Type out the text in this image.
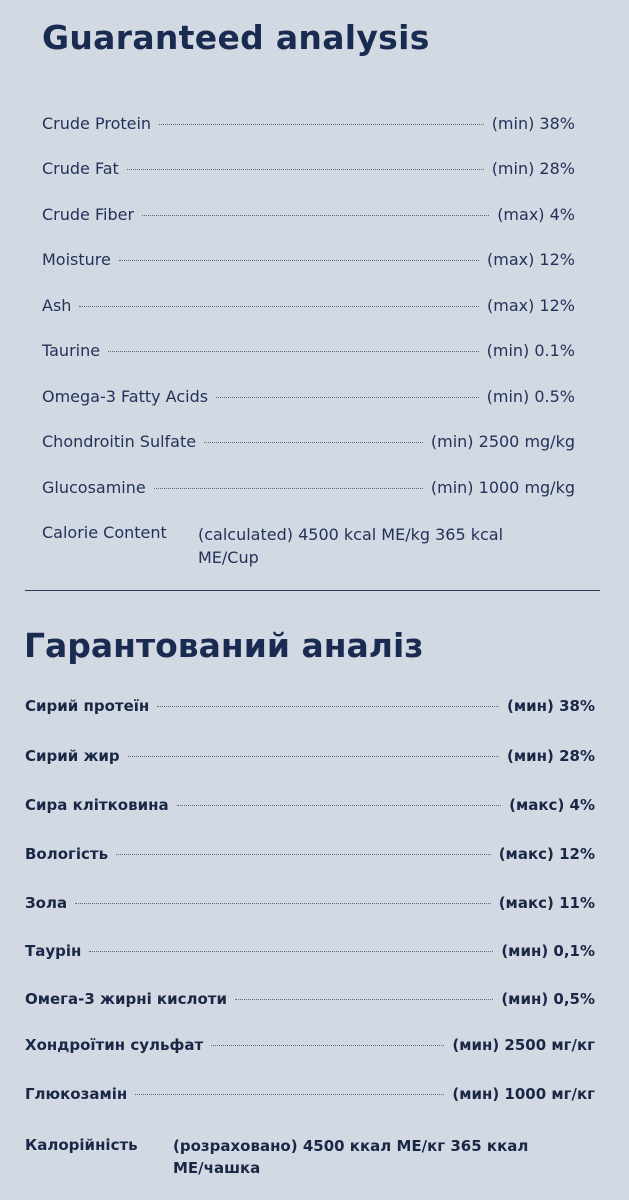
Guaranteed analysis
Crude Protein	(min) 38%
Crude Fat	(min) 28%
Crude Fiber	(max) 4%
Moisture	(max) 12%
Ash	(max) 12%
Taurine	(min) 0.1%
Omega-3 Fatty Acids	(min) 0.5%
Chondroitin Sulfate	(min) 2500 mg/kg
Glucosamine	(min) 1000 mg/kg
Calorie Content	(calculated) 4500 kcal ME/kg 365 kcal ME/Cup
Гарантований аналіз
Сирий протеїн	(мин) 38%
Сирий жир	(мин) 28%
Сира клітковина	(макс) 4%
Вологість	(макс) 12%
Зола	(макс) 11%
Таурін	(мин) 0,1%
Омега-3 жирні кислоти	(мин) 0,5%
Хондроїтин сульфат	(мин) 2500 мг/кг
Глюкозамін	(мин) 1000 мг/кг
Калорійність	(розраховано) 4500 ккал МЕ/кг 365 ккал МЕ/чашка
